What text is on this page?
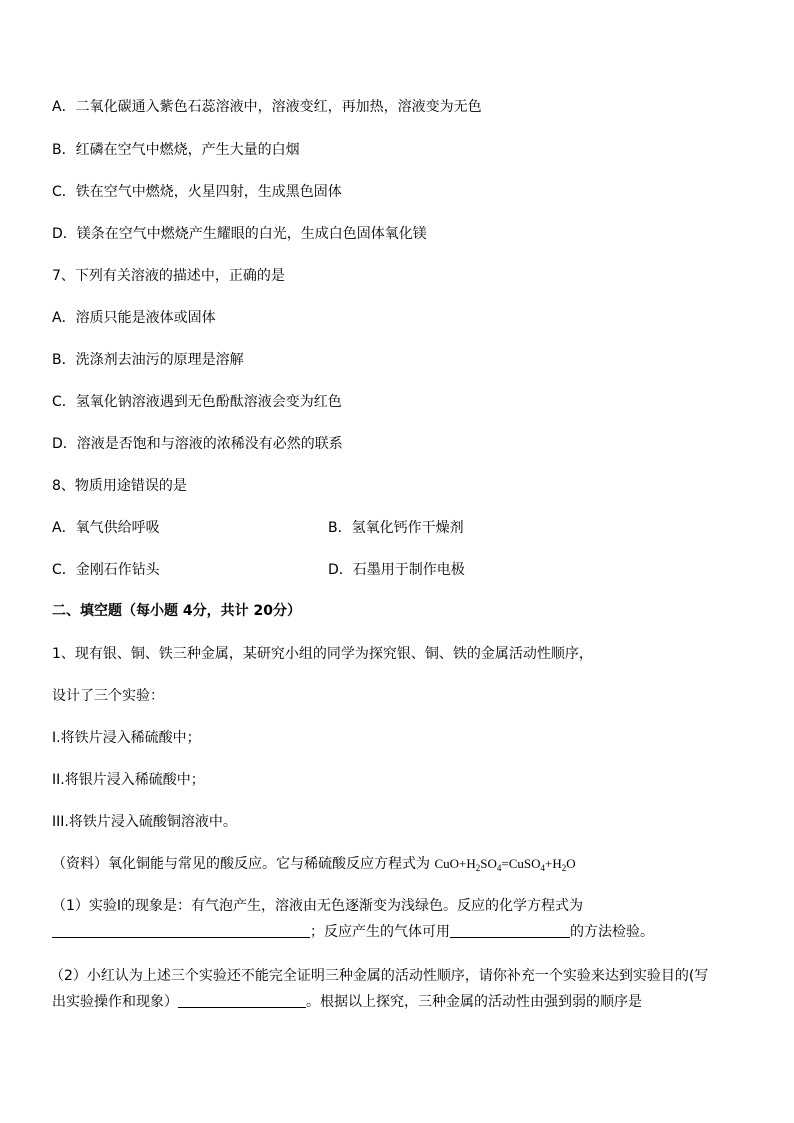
A．二氧化碳通入紫色石蕊溶液中，溶液变红，再加热，溶液变为无色
B．红磷在空气中燃烧，产生大量的白烟
C．铁在空气中燃烧，火星四射，生成黑色固体
D．镁条在空气中燃烧产生耀眼的白光，生成白色固体氧化镁
7、下列有关溶液的描述中，正确的是
A．溶质只能是液体或固体
B．洗涤剂去油污的原理是溶解
C．氢氧化钠溶液遇到无色酚酞溶液会变为红色
D．溶液是否饱和与溶液的浓稀没有必然的联系
8、物质用途错误的是
A．氧气供给呼吸	B．氢氧化钙作干燥剂
C．金刚石作钻头	D．石墨用于制作电极
二、填空题（每小题 4分，共计 20分）
1、现有银、铜、铁三种金属，某研究小组的同学为探究银、铜、铁的金属活动性顺序，
设计了三个实验：
I.将铁片浸入稀硫酸中；
II.将银片浸入稀硫酸中；
III.将铁片浸入硫酸铜溶液中。
（资料）氧化铜能与常见的酸反应。它与稀硫酸反应方程式为 $CuO+H_2SO_4=CuSO_4+H_2O$
（1）实验Ⅰ的现象是：有气泡产生，溶液由无色逐渐变为浅绿色。反应的化学方程式为
；反应产生的气体可用	的方法检验。
（2）小红认为上述三个实验还不能完全证明三种金属的活动性顺序，请你补充一个实验来达到实验目的(写
出实验操作和现象）	。根据以上探究，三种金属的活动性由强到弱的顺序是
